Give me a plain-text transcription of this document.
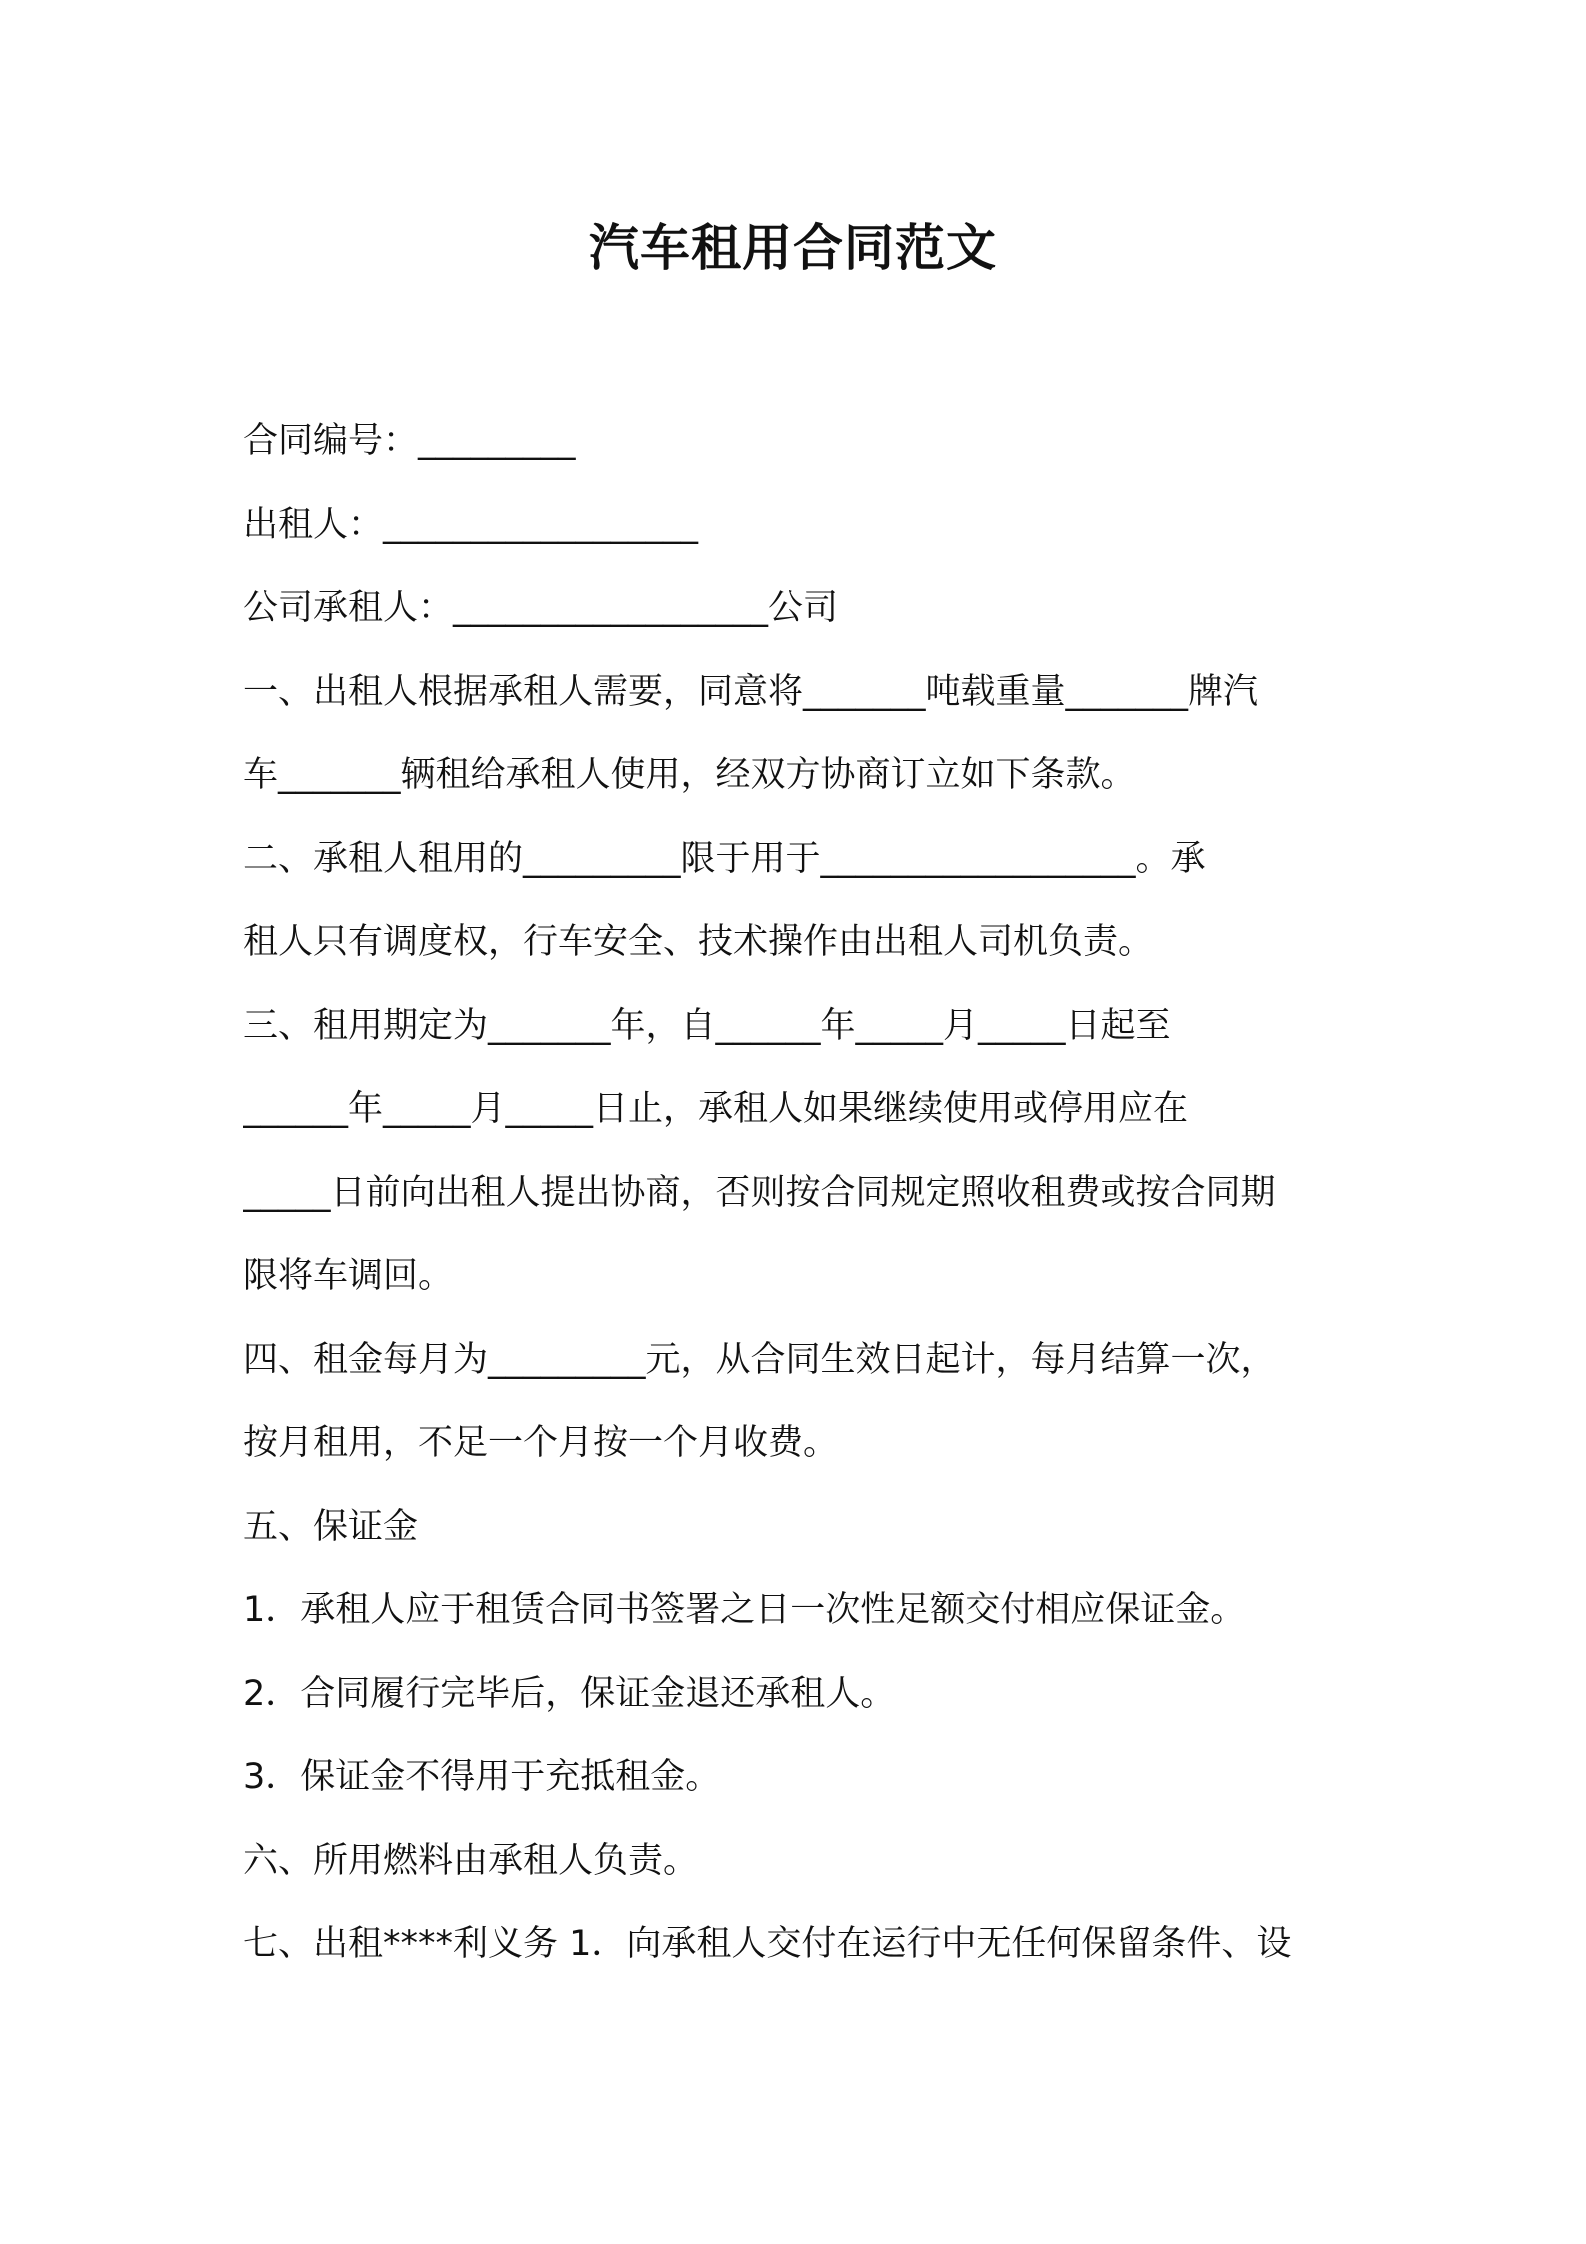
汽车租用合同范文

合同编号：_________

出租人：__________________

公司承租人：__________________公司

一、出租人根据承租人需要，同意将_______吨载重量_______牌汽

车_______辆租给承租人使用，经双方协商订立如下条款。

二、承租人租用的_________限于用于__________________。承

租人只有调度权，行车安全、技术操作由出租人司机负责。

三、租用期定为_______年，自______年_____月_____日起至

______年_____月_____日止，承租人如果继续使用或停用应在

_____日前向出租人提出协商，否则按合同规定照收租费或按合同期

限将车调回。

四、租金每月为_________元，从合同生效日起计，每月结算一次，

按月租用，不足一个月按一个月收费。

五、保证金

1．承租人应于租赁合同书签署之日一次性足额交付相应保证金。

2．合同履行完毕后，保证金退还承租人。

3．保证金不得用于充抵租金。

六、所用燃料由承租人负责。

七、出租****利义务 1．向承租人交付在运行中无任何保留条件、设
